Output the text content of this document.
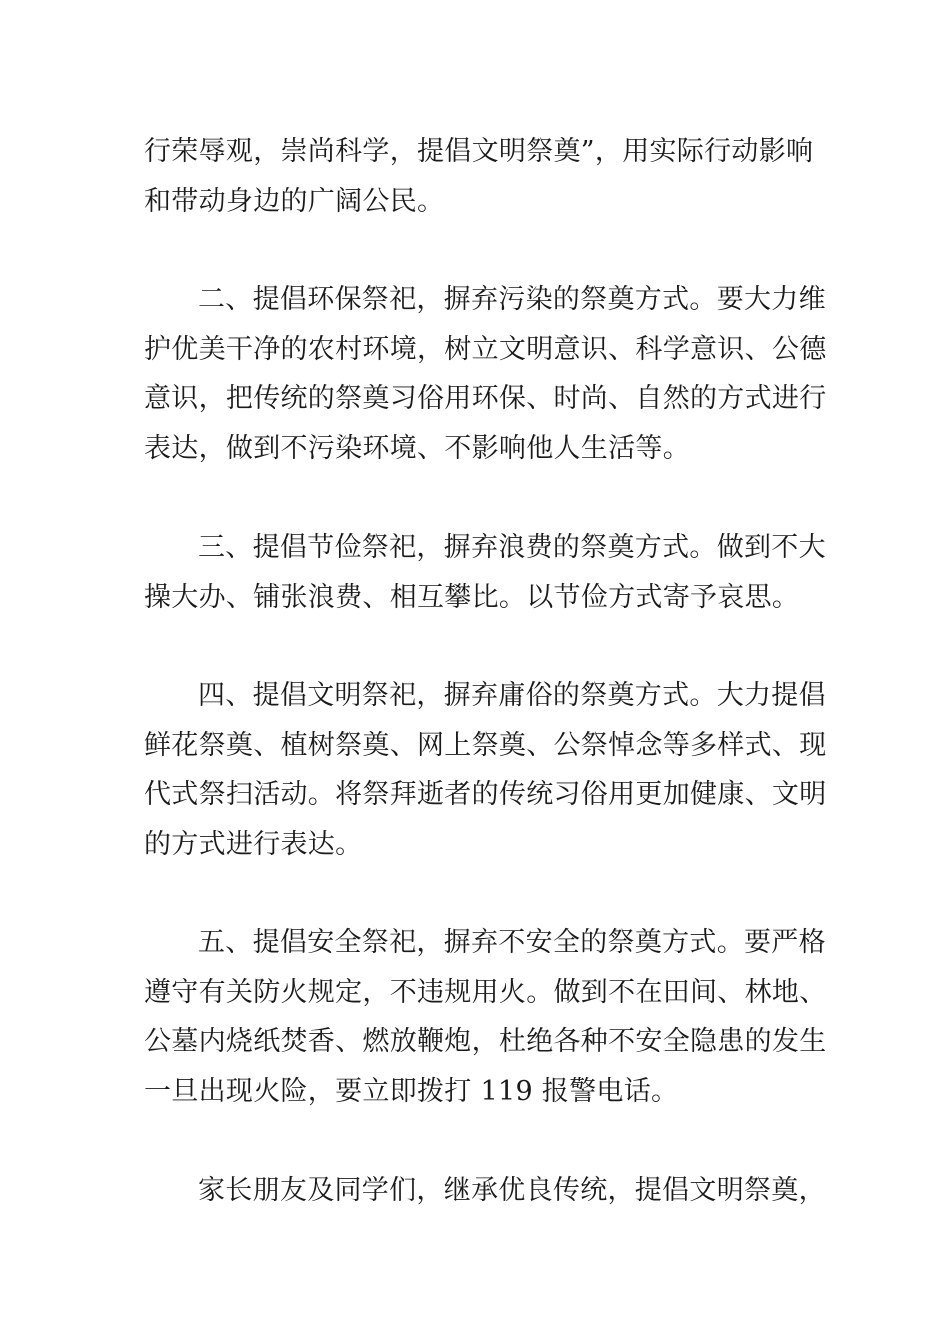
行荣辱观，崇尚科学，提倡文明祭奠”，用实际行动影响
和带动身边的广阔公民。

二、提倡环保祭祀，摒弃污染的祭奠方式。要大力维
护优美干净的农村环境，树立文明意识、科学意识、公德
意识，把传统的祭奠习俗用环保、时尚、自然的方式进行
表达，做到不污染环境、不影响他人生活等。

三、提倡节俭祭祀，摒弃浪费的祭奠方式。做到不大
操大办、铺张浪费、相互攀比。以节俭方式寄予哀思。

四、提倡文明祭祀，摒弃庸俗的祭奠方式。大力提倡
鲜花祭奠、植树祭奠、网上祭奠、公祭悼念等多样式、现
代式祭扫活动。将祭拜逝者的传统习俗用更加健康、文明
的方式进行表达。

五、提倡安全祭祀，摒弃不安全的祭奠方式。要严格
遵守有关防火规定，不违规用火。做到不在田间、林地、
公墓内烧纸焚香、燃放鞭炮，杜绝各种不安全隐患的发生
一旦出现火险，要立即拨打 119 报警电话。

家长朋友及同学们，继承优良传统，提倡文明祭奠，
